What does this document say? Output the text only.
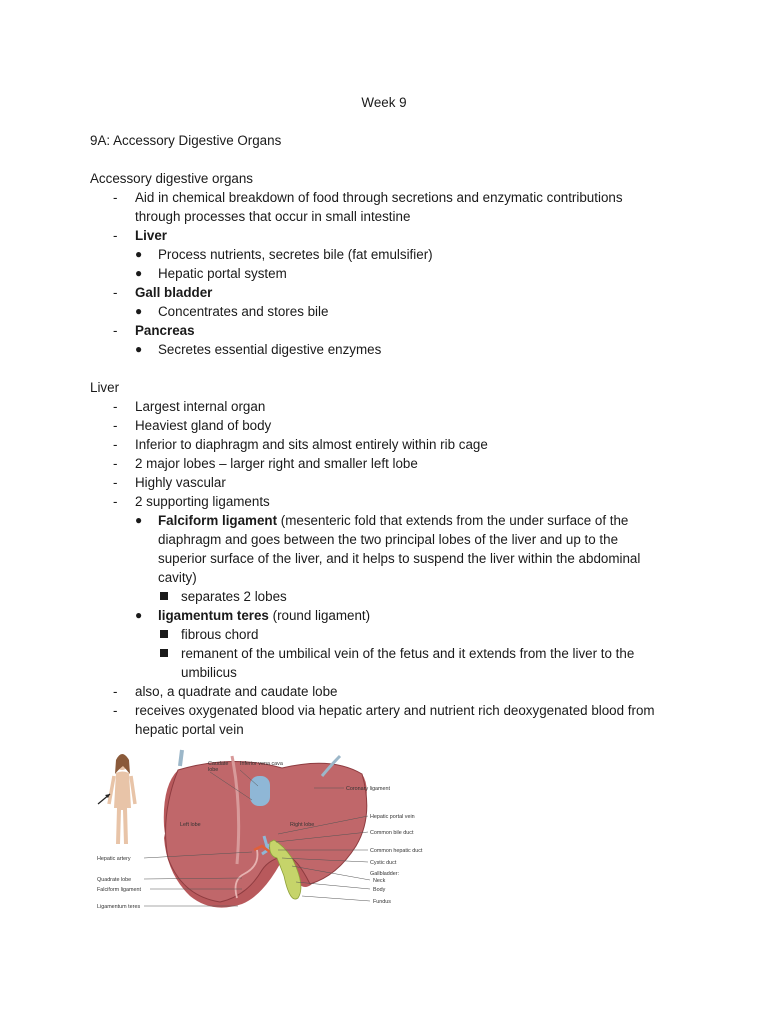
Week 9
9A: Accessory Digestive Organs
Accessory digestive organs
- Aid in chemical breakdown of food through secretions and enzymatic contributions
through processes that occur in small intestine
- Liver
● Process nutrients, secretes bile (fat emulsifier)
● Hepatic portal system
- Gall bladder
● Concentrates and stores bile
- Pancreas
● Secretes essential digestive enzymes
Liver
- Largest internal organ
- Heaviest gland of body
- Inferior to diaphragm and sits almost entirely within rib cage
- 2 major lobes – larger right and smaller left lobe
- Highly vascular
- 2 supporting ligaments
● Falciform ligament (mesenteric fold that extends from the under surface of the
diaphragm and goes between the two principal lobes of the liver and up to the
superior surface of the liver, and it helps to suspend the liver within the abdominal
cavity)
separates 2 lobes
● ligamentum teres (round ligament)
fibrous chord
remanent of the umbilical vein of the fetus and it extends from the liver to the
umbilicus
- also, a quadrate and caudate lobe
- receives oxygenated blood via hepatic artery and nutrient rich deoxygenated blood from
hepatic portal vein
Caudate
lobe
Inferior vena cava
Coronary ligament
Left lobe	Right lobe
Hepatic portal vein
Common bile duct
Common hepatic duct
Cystic duct
Gallbladder:
Neck
Body
Fundus
Hepatic artery
Quadrate lobe
Falciform ligament
Ligamentum teres
